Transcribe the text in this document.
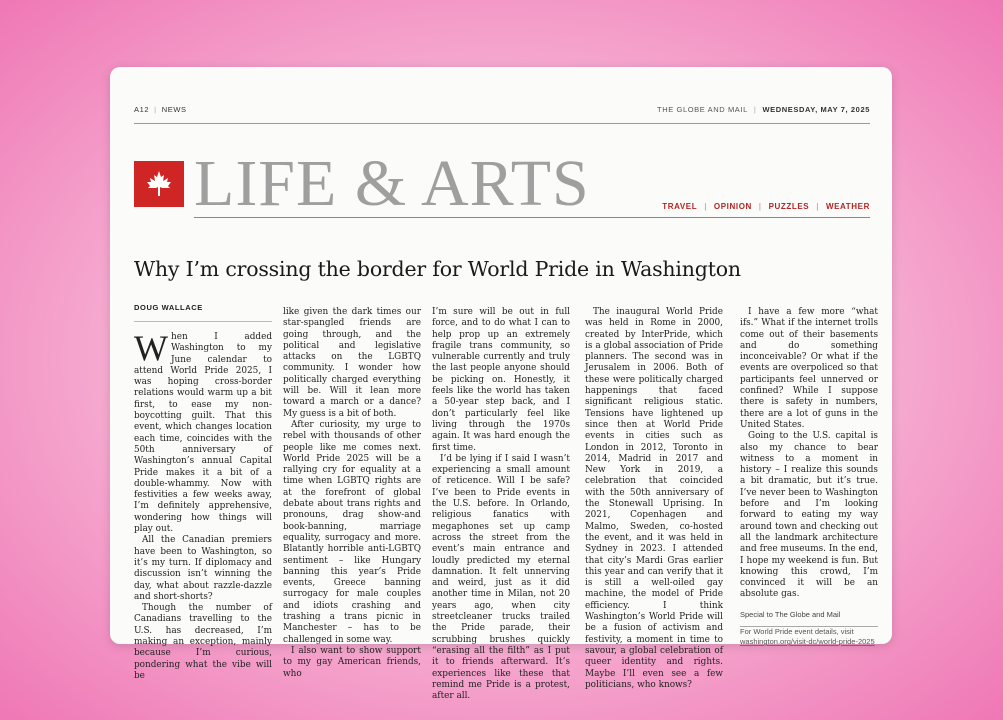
A12 | NEWS	THE GLOBE AND MAIL | WEDNESDAY, MAY 7, 2025
LIFE & ARTS	TRAVEL | OPINION | PUZZLES | WEATHER
Why I’m crossing the border for World Pride in Washington
DOUG WALLACE

When I added Washington to my June calendar to attend World Pride 2025, I was hoping cross-border relations would warm up a bit first, to ease my non-boycotting guilt. That this event, which changes location each time, coincides with the 50th anniversary of Washington’s annual Capital Pride makes it a bit of a double-whammy. Now with festivities a few weeks away, I’m definitely apprehensive, wondering how things will play out.

All the Canadian premiers have been to Washington, so it’s my turn. If diplomacy and discussion isn’t winning the day, what about razzle-dazzle and short-shorts?

Though the number of Canadians travelling to the U.S. has decreased, I’m making an exception, mainly because I’m curious, pondering what the vibe will be

like given the dark times our star-spangled friends are going through, and the political and legislative attacks on the LGBTQ community. I wonder how politically charged everything will be. Will it lean more toward a march or a dance? My guess is a bit of both.

After curiosity, my urge to rebel with thousands of other people like me comes next. World Pride 2025 will be a rallying cry for equality at a time when LGBTQ rights are at the forefront of global debate about trans rights and pronouns, drag show-and book-banning, marriage equality, surrogacy and more. Blatantly horrible anti-LGBTQ sentiment – like Hungary banning this year’s Pride events, Greece banning surrogacy for male couples and idiots crashing and trashing a trans picnic in Manchester – has to be challenged in some way.

I also want to show support to my gay American friends, who

I’m sure will be out in full force, and to do what I can to help prop up an extremely fragile trans community, so vulnerable currently and truly the last people anyone should be picking on. Honestly, it feels like the world has taken a 50-year step back, and I don’t particularly feel like living through the 1970s again. It was hard enough the first time.

I’d be lying if I said I wasn’t experiencing a small amount of reticence. Will I be safe? I’ve been to Pride events in the U.S. before. In Orlando, religious fanatics with megaphones set up camp across the street from the event’s main entrance and loudly predicted my eternal damnation. It felt unnerving and weird, just as it did another time in Milan, not 20 years ago, when city streetcleaner trucks trailed the Pride parade, their scrubbing brushes quickly “erasing all the filth” as I put it to friends afterward. It’s experiences like these that remind me Pride is a protest, after all.

The inaugural World Pride was held in Rome in 2000, created by InterPride, which is a global association of Pride planners. The second was in Jerusalem in 2006. Both of these were politically charged happenings that faced significant religious static. Tensions have lightened up since then at World Pride events in cities such as London in 2012, Toronto in 2014, Madrid in 2017 and New York in 2019, a celebration that coincided with the 50th anniversary of the Stonewall Uprising. In 2021, Copenhagen and Malmo, Sweden, co-hosted the event, and it was held in Sydney in 2023. I attended that city’s Mardi Gras earlier this year and can verify that it is still a well-oiled gay machine, the model of Pride efficiency. I think Washington’s World Pride will be a fusion of activism and festivity, a moment in time to savour, a global celebration of queer identity and rights. Maybe I’ll even see a few politicians, who knows?

I have a few more “what ifs.” What if the internet trolls come out of their basements and do something inconceivable? Or what if the events are overpoliced so that participants feel unnerved or confined? While I suppose there is safety in numbers, there are a lot of guns in the United States.

Going to the U.S. capital is also my chance to bear witness to a moment in history – I realize this sounds a bit dramatic, but it’s true. I’ve never been to Washington before and I’m looking forward to eating my way around town and checking out all the landmark architecture and free museums. In the end, I hope my weekend is fun. But knowing this crowd, I’m convinced it will be an absolute gas.

Special to The Globe and Mail

For World Pride event details, visit washington.org/visit-dc/world-pride-2025
